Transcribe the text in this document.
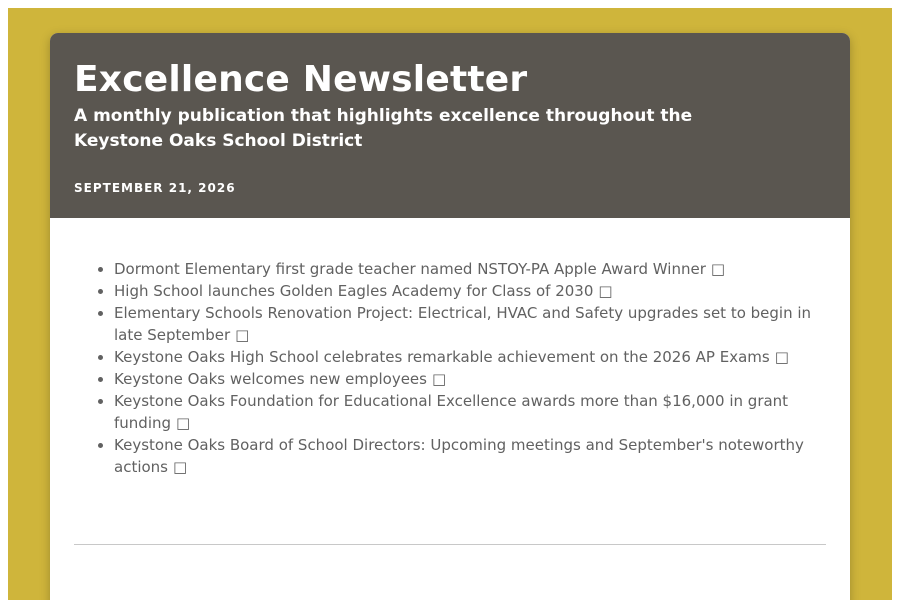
Excellence Newsletter
A monthly publication that highlights excellence throughout the Keystone Oaks School District
SEPTEMBER 21, 2026
• Dormont Elementary first grade teacher named NSTOY-PA Apple Award Winner □
• High School launches Golden Eagles Academy for Class of 2030 □
• Elementary Schools Renovation Project: Electrical, HVAC and Safety upgrades set to begin in late September □
• Keystone Oaks High School celebrates remarkable achievement on the 2026 AP Exams □
• Keystone Oaks welcomes new employees □
• Keystone Oaks Foundation for Educational Excellence awards more than $16,000 in grant funding □
• Keystone Oaks Board of School Directors: Upcoming meetings and September's noteworthy actions □
